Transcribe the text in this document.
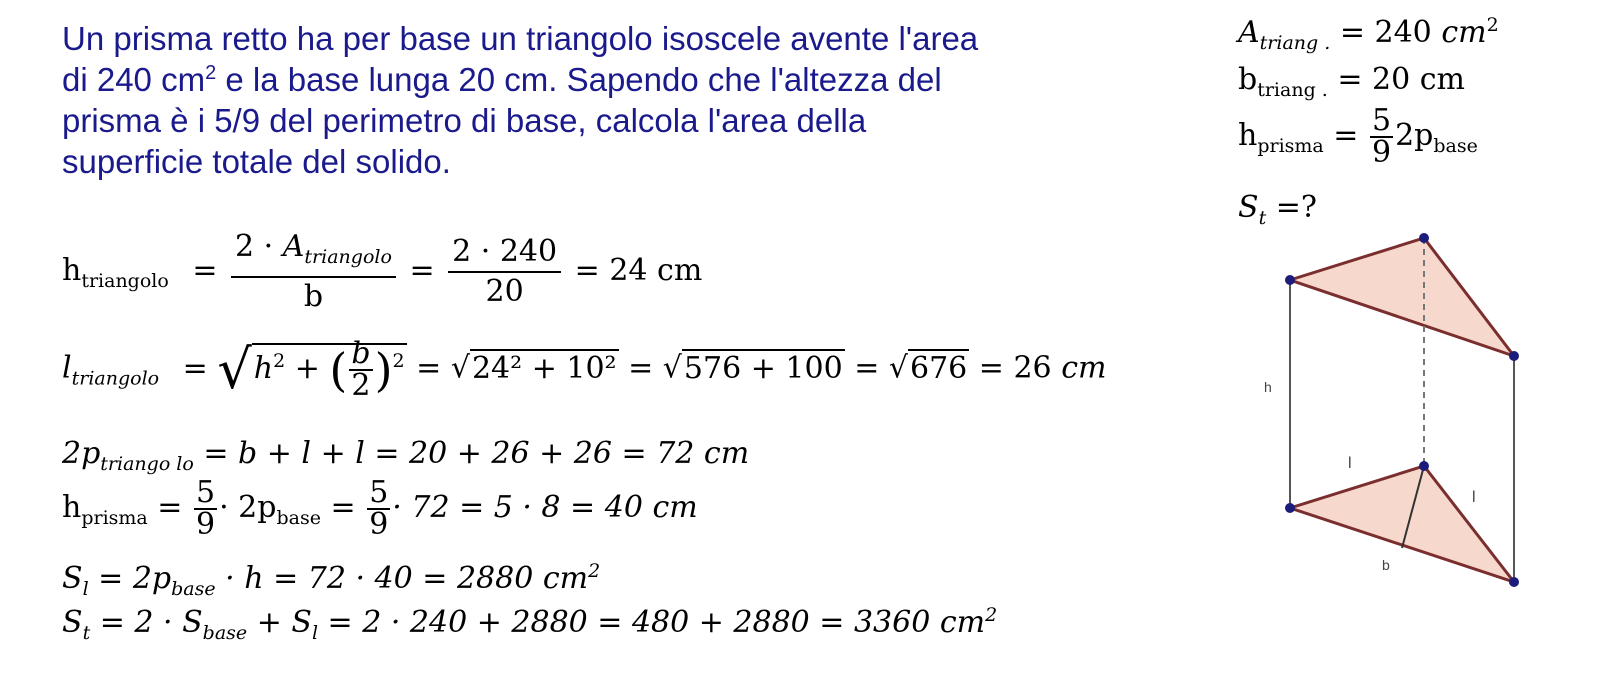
Un prisma retto ha per base un triangolo isoscele avente l'area
di 240 $cm^2$ e la base lunga 20 cm. Sapendo che l'altezza del
prisma è i 5/9 del perimetro di base, calcola l'area della
superficie totale del solido.
$A_{triang .} = 240$ $cm^2$
$b_{triang .} = 20$ cm
$h_{prisma} = \frac{5}{9} 2p_{base}$
$S_t$ =?
$h_{triangolo} = \frac{2 \cdot A_{triangolo}}{b} = \frac{2 \cdot 240}{20} = 24$ cm
$l_{triangolo} = √h^2$ + ( $\frac{b}{2} )^2 = √24^2 + 10^2 = √576 + 100 = √676 = 26$ cm
$2p_{triango lo} = b + l + l = 20 + 26 + 26 = 72$ cm
$h_{prisma} = \frac{5}{9} \cdot 2p_{base} = \frac{5}{9} \cdot 72 = 5 \cdot 8 = 40$ cm
$S_l = 2p_{base} \cdot h = 72 \cdot 40 = 2880$ $cm^2$
$S_t = 2 \cdot S_{base} + S_l = 2 \cdot 240 + 2880 = 480 + 2880 = 3360$ $cm^2$
h
l
l
b
